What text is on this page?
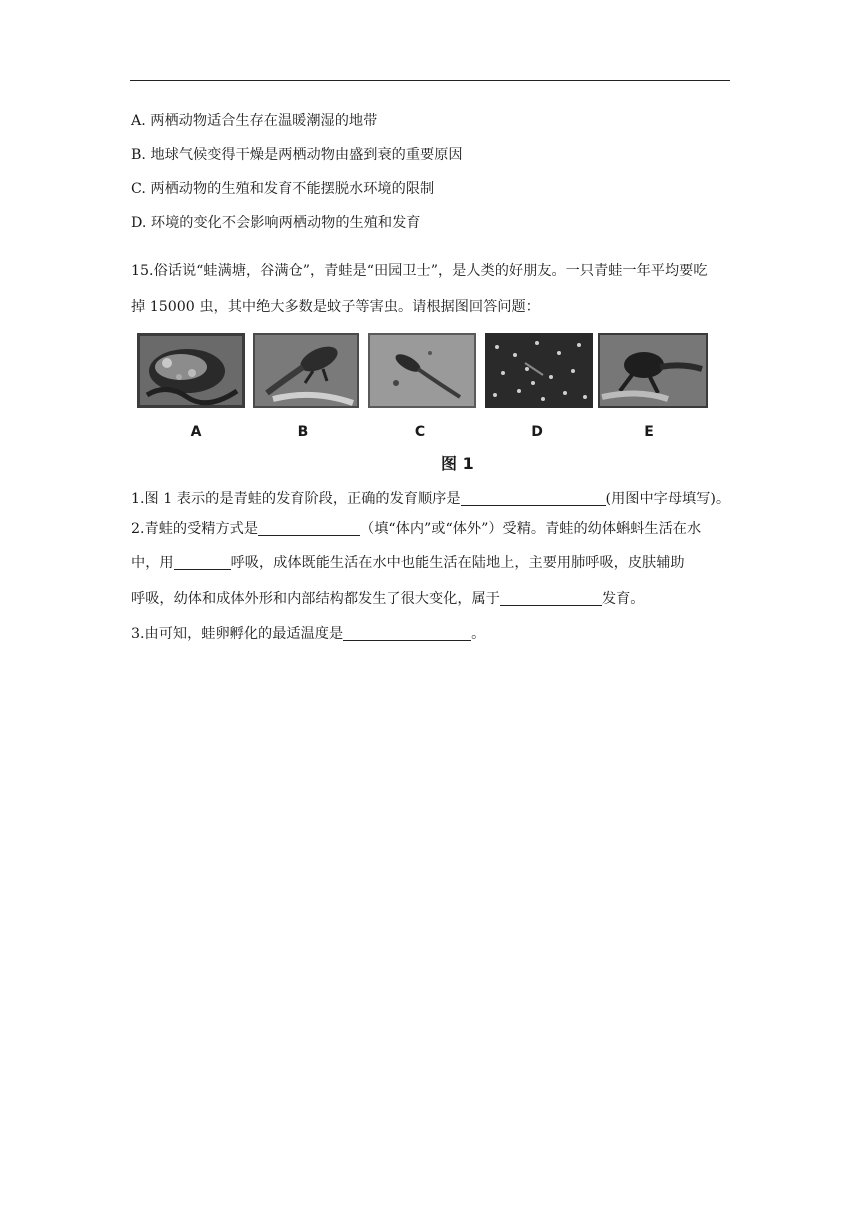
A. 两栖动物适合生存在温暖潮湿的地带
B. 地球气候变得干燥是两栖动物由盛到衰的重要原因
C. 两栖动物的生殖和发育不能摆脱水环境的限制
D. 环境的变化不会影响两栖动物的生殖和发育
15.俗话说“蛙满塘，谷满仓”，青蛙是“田园卫士”，是人类的好朋友。一只青蛙一年平均要吃
掉 15000 虫，其中绝大多数是蚊子等害虫。请根据图回答问题：
A	B	C	D	E
图 1
1.图 1 表示的是青蛙的发育阶段，正确的发育顺序是	(用图中字母填写)。
2.青蛙的受精方式是	（填“体内”或“体外”）受精。青蛙的幼体蝌蚪生活在水
中，用	呼吸，成体既能生活在水中也能生活在陆地上，主要用肺呼吸，皮肤辅助
呼吸，幼体和成体外形和内部结构都发生了很大变化，属于	发育。
3.由可知，蛙卵孵化的最适温度是	。
